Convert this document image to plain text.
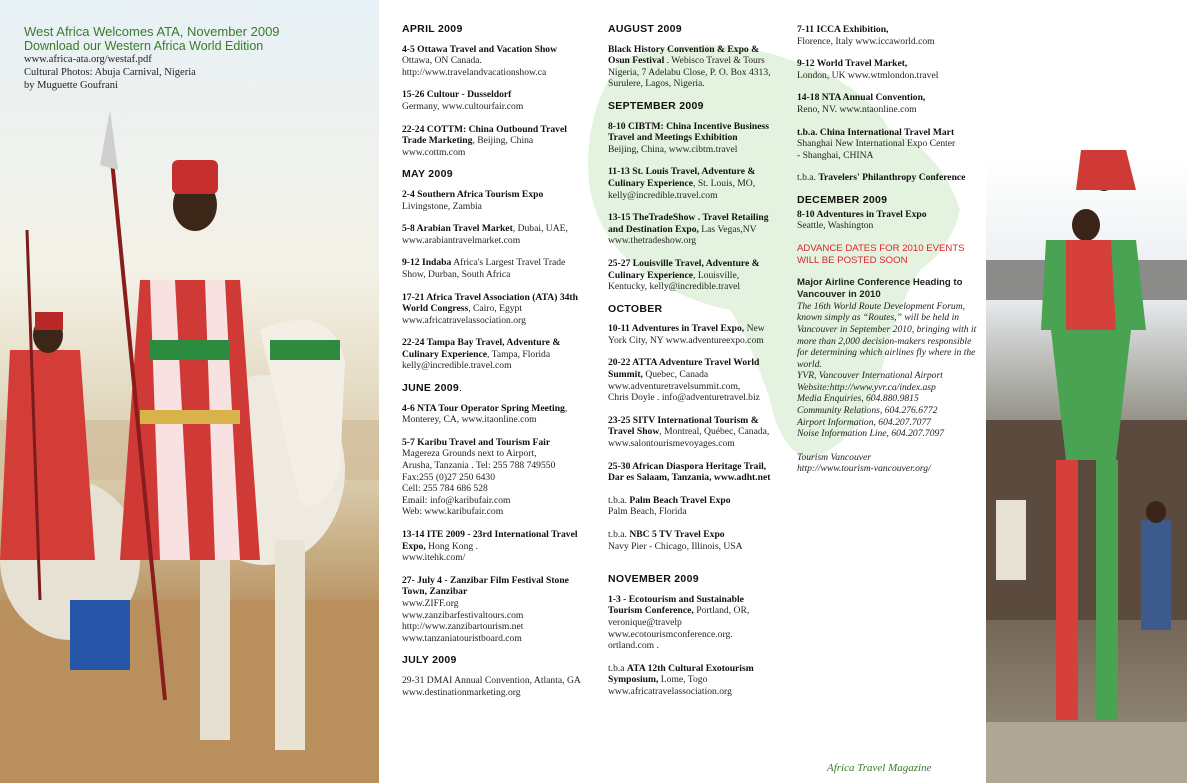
West Africa Welcomes ATA, November 2009
Download our Western Africa World Edition
www.africa-ata.org/westaf.pdf
Cultural Photos: Abuja Carnival, Nigeria
by Muguette Goufrani
APRIL 2009
4-5 Ottawa Travel and Vacation Show
Ottawa, ON Canada.
http://www.travelandvacationshow.ca
15-26 Cultour - Dusseldorf
Germany, www.cultourfair.com
22-24 COTTM: China Outbound Travel Trade Marketing, Beijing, China
www.cottm.com
MAY 2009
2-4 Southern Africa Tourism Expo
Livingstone, Zambia
5-8 Arabian Travel Market, Dubai, UAE,
www.arabiantravelmarket.com
9-12 Indaba Africa's Largest Travel Trade Show, Durban, South Africa
17-21 Africa Travel Association (ATA) 34th World Congress, Cairo, Egypt
www.africatravelassociation.org
22-24 Tampa Bay Travel, Adventure & Culinary Experience, Tampa, Florida
kelly@incredible.travel.com
JUNE 2009.
4-6 NTA Tour Operator Spring Meeting,
Monterey, CA, www.itaonline.com
5-7 Karibu Travel and Tourism Fair
Magereza Grounds next to Airport,
Arusha, Tanzania . Tel: 255 788 749550
Fax:255 (0)27 250 6430
Cell: 255 784 686 528
Email: info@karibufair.com
Web: www.karibufair.com
13-14 ITE 2009 - 23rd International Travel Expo, Hong Kong .
www.itehk.com/
27- July 4 - Zanzibar Film Festival Stone Town, Zanzibar
www.ZIFF.org
www.zanzibarfestivaltours.com
http://www.zanzibartourism.net
www.tanzaniatouristboard.com
JULY 2009
29-31 DMAI Annual Convention, Atlanta, GA www.destinationmarketing.org
AUGUST 2009
Black History Convention & Expo & Osun Festival . Webisco Travel & Tours Nigeria, 7 Adelabu Close, P. O. Box 4313, Surulere, Lagos, Nigeria.
SEPTEMBER 2009
8-10 CIBTM: China Incentive Business Travel and Meetings Exhibition
Beijing, China, www.cibtm.travel
11-13 St. Louis Travel, Adventure & Culinary Experience, St. Louis, MO,
kelly@incredible.travel.com
13-15 TheTradeShow . Travel Retailing and Destination Expo, Las Vegas,NV
www.thetradeshow.org
25-27 Louisville Travel, Adventure & Culinary Experience, Louisville, Kentucky, kelly@incredible.travel
OCTOBER
10-11 Adventures in Travel Expo, New York City, NY www.adventureexpo.com
20-22 ATTA Adventure Travel World Summit, Quebec, Canada
www.adventuretravelsummit.com,
Chris Doyle . info@adventuretravel.biz
23-25 SITV International Tourism & Travel Show, Montreal, Québec, Canada,
www.salontourismevoyages.com
25-30 African Diaspora Heritage Trail, Dar es Salaam, Tanzania, www.adht.net
t.b.a. Palm Beach Travel Expo
Palm Beach, Florida
t.b.a. NBC 5 TV Travel Expo
Navy Pier - Chicago, Illinois, USA
NOVEMBER 2009
1-3 - Ecotourism and Sustainable Tourism Conference, Portland, OR,
veronique@travelp www.ecotourismconference.org. ortland.com .
t.b.a ATA 12th Cultural Exotourism Symposium, Lome, Togo
www.africatravelassociation.org
7-11 ICCA Exhibition,
Florence, Italy www.iccaworld.com
9-12 World Travel Market,
London, UK www.wtmlondon.travel
14-18 NTA Annual Convention,
Reno, NV. www.ntaonline.com
t.b.a. China International Travel Mart
Shanghai New International Expo Center
- Shanghai, CHINA
t.b.a. Travelers' Philanthropy Conference
DECEMBER 2009
8-10 Adventures in Travel Expo
Seattle, Washington
ADVANCE DATES FOR 2010 EVENTS WILL BE POSTED SOON
Major Airline Conference Heading to Vancouver in 2010
The 16th World Route Development Forum, known simply as “Routes,” will be held in Vancouver in September 2010, bringing with it more than 2,000 decision-makers responsible for determining which airlines fly where in the world.
YVR, Vancouver International Airport
Website:http://www.yvr.ca/index.asp
Media Enquiries, 604.880.9815
Community Relations, 604.276.6772
Airport Information, 604.207.7077
Noise Information Line, 604.207.7097
Tourism Vancouver
http://www.tourism-vancouver.org/
Africa Travel Magazine
